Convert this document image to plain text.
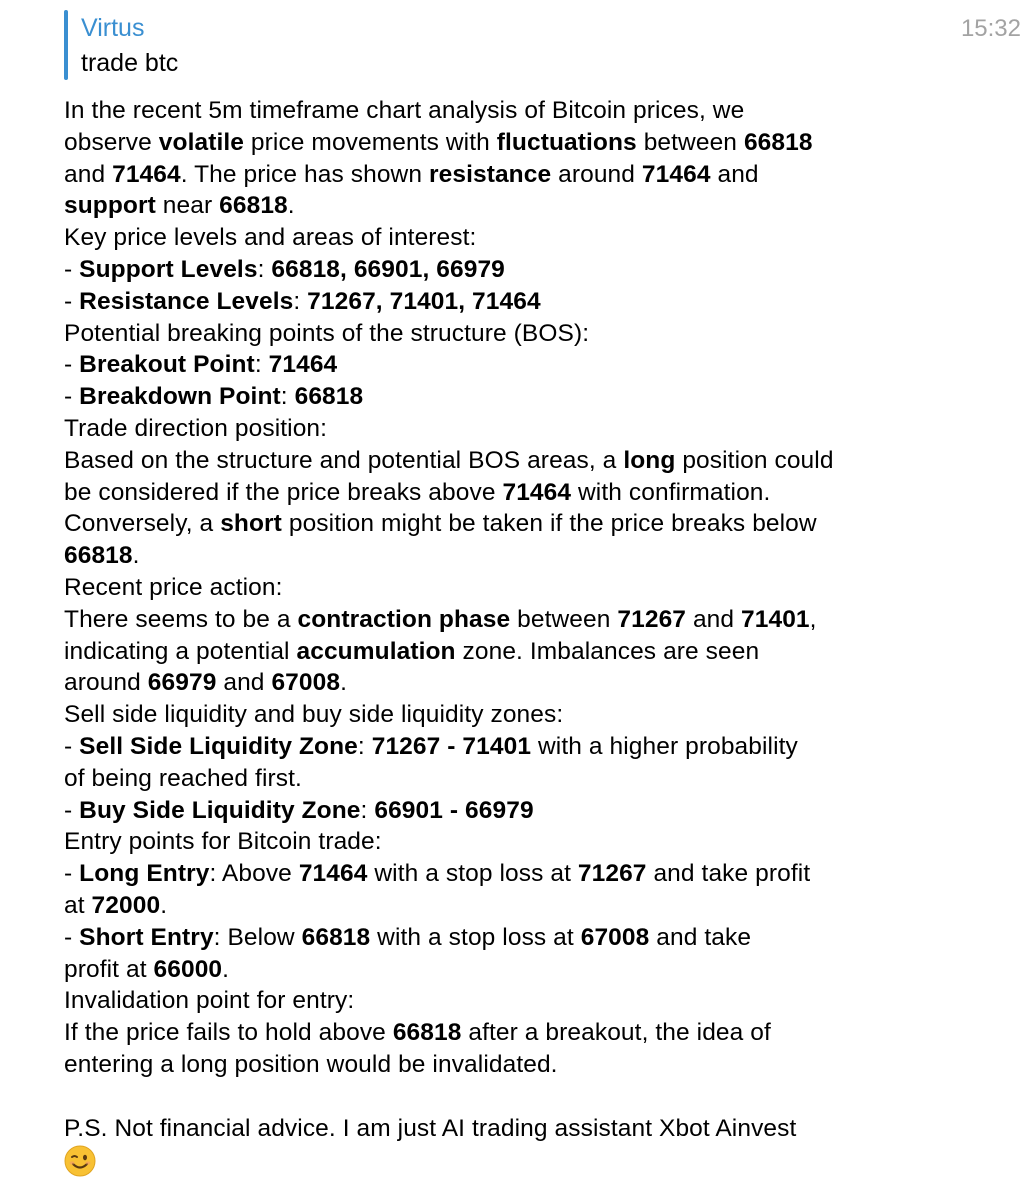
Virtus
trade btc
15:32
In the recent 5m timeframe chart analysis of Bitcoin prices, we
observe volatile price movements with fluctuations between 66818
and 71464. The price has shown resistance around 71464 and
support near 66818.
Key price levels and areas of interest:
- Support Levels: 66818, 66901, 66979
- Resistance Levels: 71267, 71401, 71464
Potential breaking points of the structure (BOS):
- Breakout Point: 71464
- Breakdown Point: 66818
Trade direction position:
Based on the structure and potential BOS areas, a long position could
be considered if the price breaks above 71464 with confirmation.
Conversely, a short position might be taken if the price breaks below
66818.
Recent price action:
There seems to be a contraction phase between 71267 and 71401,
indicating a potential accumulation zone. Imbalances are seen
around 66979 and 67008.
Sell side liquidity and buy side liquidity zones:
- Sell Side Liquidity Zone: 71267 - 71401 with a higher probability
of being reached first.
- Buy Side Liquidity Zone: 66901 - 66979
Entry points for Bitcoin trade:
- Long Entry: Above 71464 with a stop loss at 71267 and take profit
at 72000.
- Short Entry: Below 66818 with a stop loss at 67008 and take
profit at 66000.
Invalidation point for entry:
If the price fails to hold above 66818 after a breakout, the idea of
entering a long position would be invalidated.
P.S. Not financial advice. I am just AI trading assistant Xbot Ainvest
